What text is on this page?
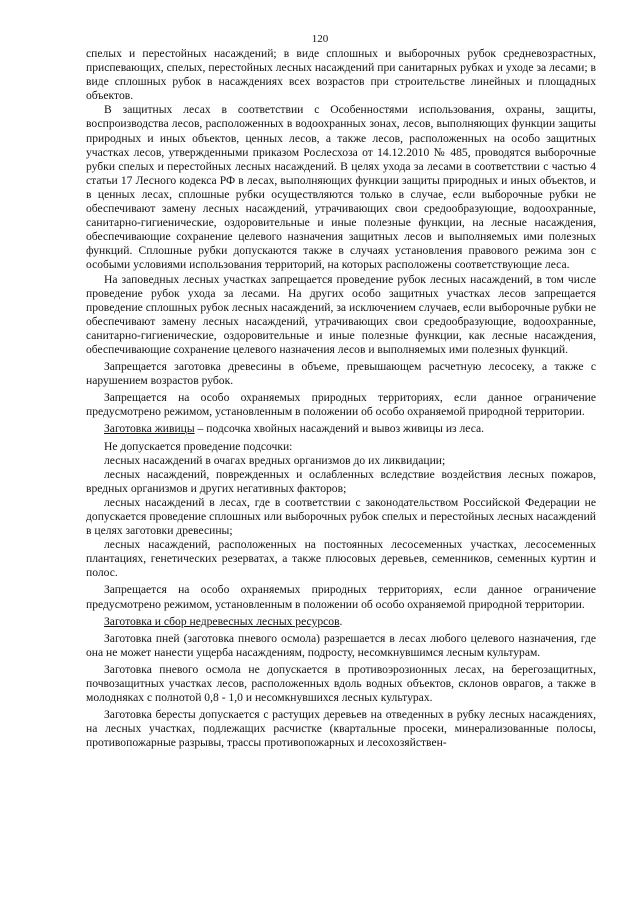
120

спелых и перестойных насаждений; в виде сплошных и выборочных рубок средневозрастных, приспевающих, спелых, перестойных лесных насаждений при санитарных рубках и уходе за лесами; в виде сплошных рубок в насаждениях всех возрастов при строительстве линейных и площадных объектов.

В защитных лесах в соответствии с Особенностями использования, охраны, защиты, воспроизводства лесов, расположенных в водоохранных зонах, лесов, выполняющих функции защиты природных и иных объектов, ценных лесов, а также лесов, расположенных на особо защитных участках лесов, утвержденными приказом Рослесхоза от 14.12.2010 № 485, проводятся выборочные рубки спелых и перестойных лесных насаждений. В целях ухода за лесами в соответствии с частью 4 статьи 17 Лесного кодекса РФ в лесах, выполняющих функции защиты природных и иных объектов, и в ценных лесах, сплошные рубки осуществляются только в случае, если выборочные рубки не обеспечивают замену лесных насаждений, утрачивающих свои средообразующие, водоохранные, санитарно-гигиенические, оздоровительные и иные полезные функции, на лесные насаждения, обеспечивающие сохранение целевого назначения защитных лесов и выполняемых ими полезных функций. Сплошные рубки допускаются также в случаях установления правового режима зон с особыми условиями использования территорий, на которых расположены соответствующие леса.

На заповедных лесных участках запрещается проведение рубок лесных насаждений, в том числе проведение рубок ухода за лесами. На других особо защитных участках лесов запрещается проведение сплошных рубок лесных насаждений, за исключением случаев, если выборочные рубки не обеспечивают замену лесных насаждений, утрачивающих свои средообразующие, водоохранные, санитарно-гигиенические, оздоровительные и иные полезные функции, как лесные насаждения, обеспечивающие сохранение целевого назначения лесов и выполняемых ими полезных функций.

Запрещается заготовка древесины в объеме, превышающем расчетную лесосеку, а также с нарушением возрастов рубок.

Запрещается на особо охраняемых природных территориях, если данное ограничение предусмотрено режимом, установленным в положении об особо охраняемой природной территории.

Заготовка живицы – подсочка хвойных насаждений и вывоз живицы из леса.

Не допускается проведение подсочки:

лесных насаждений в очагах вредных организмов до их ликвидации;

лесных насаждений, поврежденных и ослабленных вследствие воздействия лесных пожаров, вредных организмов и других негативных факторов;

лесных насаждений в лесах, где в соответствии с законодательством Российской Федерации не допускается проведение сплошных или выборочных рубок спелых и перестойных лесных насаждений в целях заготовки древесины;

лесных насаждений, расположенных на постоянных лесосеменных участках, лесосеменных плантациях, генетических резерватах, а также плюсовых деревьев, семенников, семенных куртин и полос.

Запрещается на особо охраняемых природных территориях, если данное ограничение предусмотрено режимом, установленным в положении об особо охраняемой природной территории.

Заготовка и сбор недревесных лесных ресурсов.

Заготовка пней (заготовка пневого осмола) разрешается в лесах любого целевого назначения, где она не может нанести ущерба насаждениям, подросту, несомкнувшимся лесным культурам.

Заготовка пневого осмола не допускается в противоэрозионных лесах, на берегозащитных, почвозащитных участках лесов, расположенных вдоль водных объектов, склонов оврагов, а также в молодняках с полнотой 0,8 - 1,0 и несомкнувшихся лесных культурах.

Заготовка бересты допускается с растущих деревьев на отведенных в рубку лесных насаждениях, на лесных участках, подлежащих расчистке (квартальные просеки, минерализованные полосы, противопожарные разрывы, трассы противопожарных и лесохозяйствен-
